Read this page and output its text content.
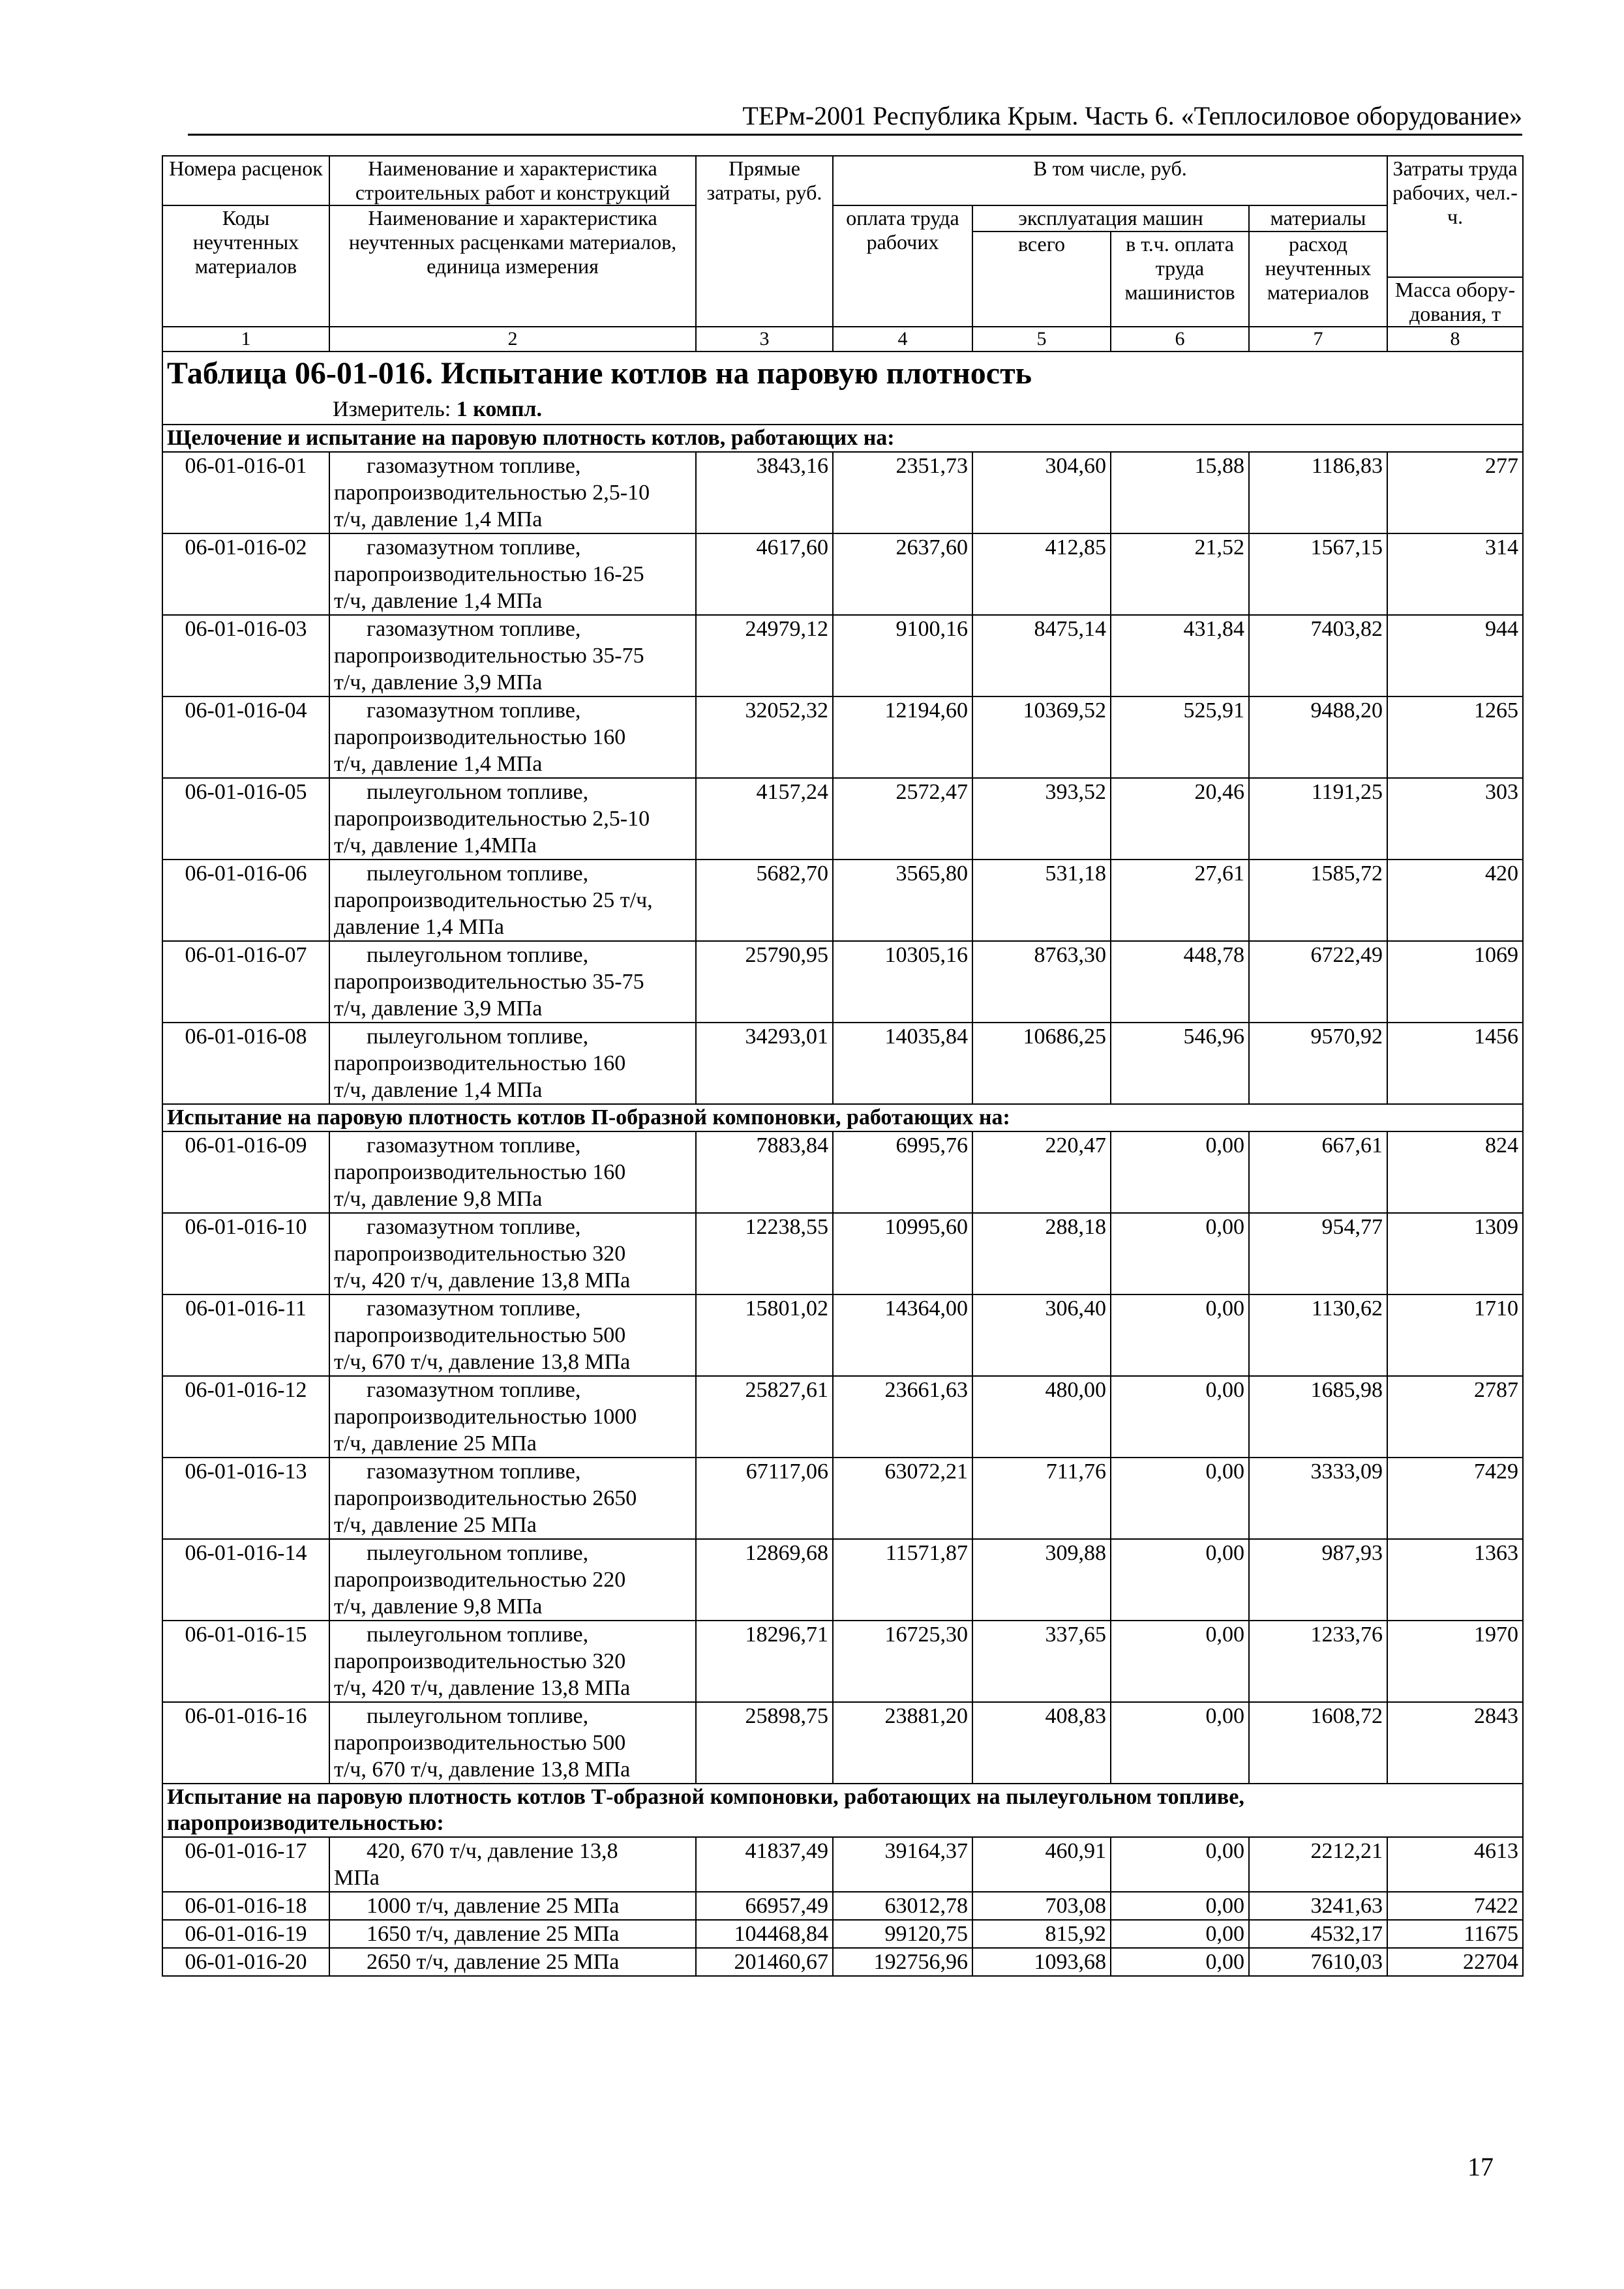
ТЕРм-2001 Республика Крым. Часть 6. «Теплосиловое оборудование»
Номера расценок	Наименование и характеристика строительных работ и конструкций	Прямые затраты, руб.	В том числе, руб.				Затраты труда рабочих, чел.-ч.
Коды неучтенных материалов	Наименование и характеристика неучтенных расценками материалов, единица измерения		оплата труда рабочих	эксплуатация машин		материалы	
				всего	в т.ч. оплата труда машинистов	расход неучтенных материалов	
							Масса обору-дования, т
1	2	3	4	5	6	7	8

Таблица 06-01-016. Испытание котлов на паровую плотность
Измеритель: 1 компл.							

Щелочение и испытание на паровую плотность котлов, работающих на:							
06-01-016-01	газомазутном топливе,
паропроизводительностью 2,5-10
т/ч, давление 1,4 МПа	3843,16	2351,73	304,60	15,88	1186,83	277
06-01-016-02	газомазутном топливе,
паропроизводительностью 16-25
т/ч, давление 1,4 МПа	4617,60	2637,60	412,85	21,52	1567,15	314
06-01-016-03	газомазутном топливе,
паропроизводительностью 35-75
т/ч, давление 3,9 МПа	24979,12	9100,16	8475,14	431,84	7403,82	944
06-01-016-04	газомазутном топливе,
паропроизводительностью 160
т/ч, давление 1,4 МПа	32052,32	12194,60	10369,52	525,91	9488,20	1265
06-01-016-05	пылеугольном топливе,
паропроизводительностью 2,5-10
т/ч, давление 1,4МПа	4157,24	2572,47	393,52	20,46	1191,25	303
06-01-016-06	пылеугольном топливе,
паропроизводительностью 25 т/ч,
давление 1,4 МПа	5682,70	3565,80	531,18	27,61	1585,72	420
06-01-016-07	пылеугольном топливе,
паропроизводительностью 35-75
т/ч, давление 3,9 МПа	25790,95	10305,16	8763,30	448,78	6722,49	1069
06-01-016-08	пылеугольном топливе,
паропроизводительностью 160
т/ч, давление 1,4 МПа	34293,01	14035,84	10686,25	546,96	9570,92	1456
Испытание на паровую плотность котлов П-образной компоновки, работающих на:							
06-01-016-09	газомазутном топливе,
паропроизводительностью 160
т/ч, давление 9,8 МПа	7883,84	6995,76	220,47	0,00	667,61	824
06-01-016-10	газомазутном топливе,
паропроизводительностью 320
т/ч, 420 т/ч, давление 13,8 МПа	12238,55	10995,60	288,18	0,00	954,77	1309
06-01-016-11	газомазутном топливе,
паропроизводительностью 500
т/ч, 670 т/ч, давление 13,8 МПа	15801,02	14364,00	306,40	0,00	1130,62	1710
06-01-016-12	газомазутном топливе,
паропроизводительностью 1000
т/ч, давление 25 МПа	25827,61	23661,63	480,00	0,00	1685,98	2787
06-01-016-13	газомазутном топливе,
паропроизводительностью 2650
т/ч, давление 25 МПа	67117,06	63072,21	711,76	0,00	3333,09	7429
06-01-016-14	пылеугольном топливе,
паропроизводительностью 220
т/ч, давление 9,8 МПа	12869,68	11571,87	309,88	0,00	987,93	1363
06-01-016-15	пылеугольном топливе,
паропроизводительностью 320
т/ч, 420 т/ч, давление 13,8 МПа	18296,71	16725,30	337,65	0,00	1233,76	1970
06-01-016-16	пылеугольном топливе,
паропроизводительностью 500
т/ч, 670 т/ч, давление 13,8 МПа	25898,75	23881,20	408,83	0,00	1608,72	2843
Испытание на паровую плотность котлов Т-образной компоновки, работающих на пылеугольном топливе, паропроизводительностью:							
06-01-016-17	420, 670 т/ч, давление 13,8
МПа	41837,49	39164,37	460,91	0,00	2212,21	4613
06-01-016-18	1000 т/ч, давление 25 МПа	66957,49	63012,78	703,08	0,00	3241,63	7422
06-01-016-19	1650 т/ч, давление 25 МПа	104468,84	99120,75	815,92	0,00	4532,17	11675
06-01-016-20	2650 т/ч, давление 25 МПа	201460,67	192756,96	1093,68	0,00	7610,03	22704
17
